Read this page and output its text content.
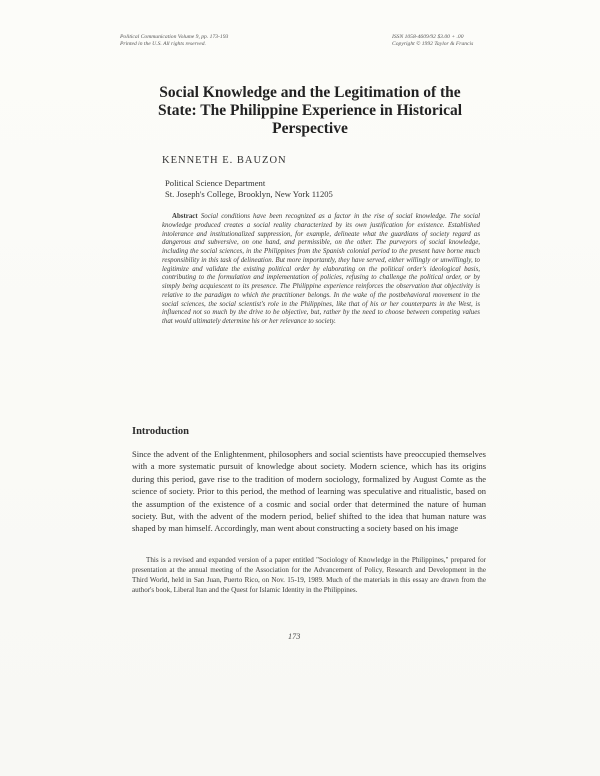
Political Communication Volume 9, pp. 173-193
Printed in the U.S. All rights reserved.
ISSN 1058-4609/92 $3.00 + .00
Copyright © 1992 Taylor & Francis
Social Knowledge and the Legitimation of the State: The Philippine Experience in Historical Perspective
KENNETH E. BAUZON
Political Science Department
St. Joseph's College, Brooklyn, New York 11205
Abstract Social conditions have been recognized as a factor in the rise of social knowledge. The social knowledge produced creates a social reality characterized by its own justification for existence. Established intolerance and institutionalized suppression, for example, delineate what the guardians of society regard as dangerous and subversive, on one hand, and permissible, on the other. The purveyors of social knowledge, including the social sciences, in the Philippines from the Spanish colonial period to the present have borne much responsibility in this task of delineation. But more importantly, they have served, either willingly or unwillingly, to legitimize and validate the existing political order by elaborating on the political order's ideological basis, contributing to the formulation and implementation of policies, refusing to challenge the political order, or by simply being acquiescent to its presence. The Philippine experience reinforces the observation that objectivity is relative to the paradigm to which the practitioner belongs. In the wake of the postbehavioral movement in the social sciences, the social scientist's role in the Philippines, like that of his or her counterparts in the West, is influenced not so much by the drive to be objective, but, rather by the need to choose between competing values that would ultimately determine his or her relevance to society.
Introduction
Since the advent of the Enlightenment, philosophers and social scientists have preoccupied themselves with a more systematic pursuit of knowledge about society. Modern science, which has its origins during this period, gave rise to the tradition of modern sociology, formalized by August Comte as the science of society. Prior to this period, the method of learning was speculative and ritualistic, based on the assumption of the existence of a cosmic and social order that determined the nature of human society. But, with the advent of the modern period, belief shifted to the idea that human nature was shaped by man himself. Accordingly, man went about constructing a society based on his image
This is a revised and expanded version of a paper entitled "Sociology of Knowledge in the Philippines," prepared for presentation at the annual meeting of the Association for the Advancement of Policy, Research and Development in the Third World, held in San Juan, Puerto Rico, on Nov. 15-19, 1989. Much of the materials in this essay are drawn from the author's book, Liberal Itan and the Quest for Islamic Identity in the Philippines.
173
